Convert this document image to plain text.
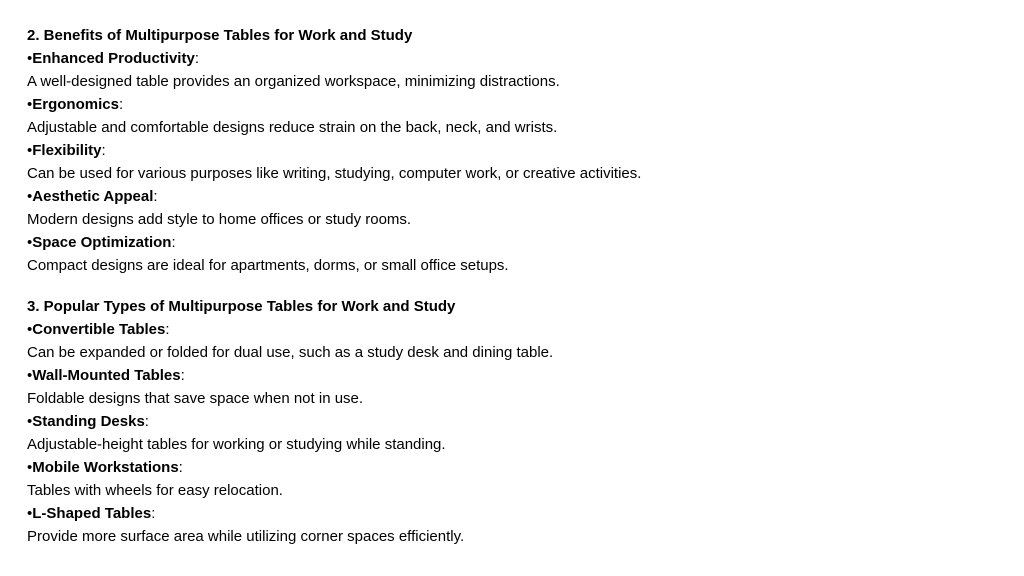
2. Benefits of Multipurpose Tables for Work and Study

•Enhanced Productivity:

A well-designed table provides an organized workspace, minimizing distractions.

•Ergonomics:

Adjustable and comfortable designs reduce strain on the back, neck, and wrists.

•Flexibility:

Can be used for various purposes like writing, studying, computer work, or creative activities.

•Aesthetic Appeal:

Modern designs add style to home offices or study rooms.

•Space Optimization:

Compact designs are ideal for apartments, dorms, or small office setups.

3. Popular Types of Multipurpose Tables for Work and Study

•Convertible Tables:

Can be expanded or folded for dual use, such as a study desk and dining table.

•Wall-Mounted Tables:

Foldable designs that save space when not in use.

•Standing Desks:

Adjustable-height tables for working or studying while standing.

•Mobile Workstations:

Tables with wheels for easy relocation.

•L-Shaped Tables:

Provide more surface area while utilizing corner spaces efficiently.
